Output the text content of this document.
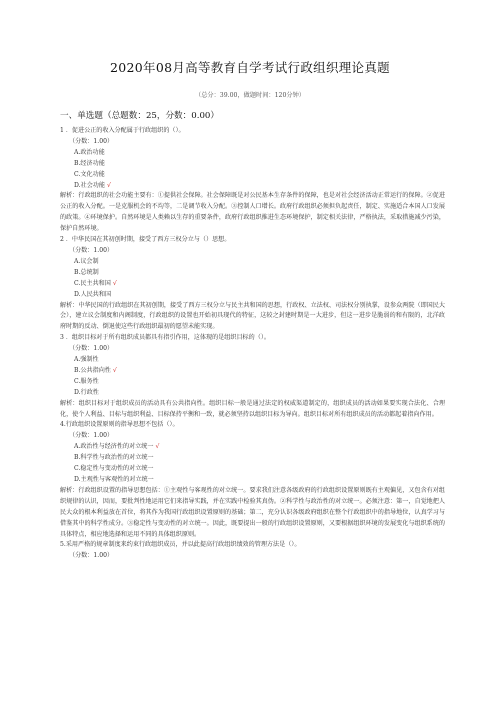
2020年08月高等教育自学考试行政组织理论真题
（总分：39.00，做题时间：120分钟）
一、单选题（总题数：25，分数：0.00）
1 ．促进公正的收入分配属于行政组织的（）。
（分数：1.00）
A.政治功能
B.经济功能
C.文化功能
D.社会功能 √
解析：行政组织的社会功能主要有：①提供社会保障。社会保障既是对公民基本生存条件的保障，也是对社会经济活动正常运行的保障。②促进公正的收入分配。一是克服机会的不均等，二是调节收入分配。③控制人口增长。政府行政组织必须担负起责任，制定、实施适合本国人口发展的政策。④环境保护。自然环境是人类赖以生存的重要条件，政府行政组织推进生态环境保护，制定相关法律，严格执法，采取措施减少污染，保护自然环境。
2 ．中华民国在其初创时期，接受了西方三权分立与（）思想。
（分数：1.00）
A.议会制
B.总统制
C.民主共和国 √
D.人民共和国
解析：中华民国的行政组织在其初创期，接受了西方三权分立与民主共和国的思想，行政权、立法权、司法权分别执掌，设参众两院（即国民大会），建立议会制度和内阁制度，行政组织的设置也开始初具现代的特征，这较之封建时期是一大进步，但这一进步是脆弱的和有限的，北洋政府时期的反动、倒退使这些行政组织最初的愿望未能实现。
3 ．组织目标对于所有组织成员都具有指引作用，这体现的是组织目标的（）。
（分数：1.00）
A.强制性
B.公共指向性 √
C.服务性
D.行政性
解析：组织目标对于组织成员的活动具有公共指向性。组织目标一般是通过法定的权威渠道制定的，组织成员的活动如果要实现合法化、合理化，使个人利益、目标与组织利益、目标保持平衡和一致，就必须坚持以组织目标为导向。组织目标对所有组织成员的活动都起着指向作用。
4.行政组织设置原则的指导思想不包括（）。
（分数：1.00）
A.政治性与经济性的对立统一 √
B.科学性与政治性的对立统一
C.稳定性与变动性的对立统一
D.主观性与客观性的对立统一
解析：行政组织设置的指导思想包括：①主观性与客观性的对立统一。要求我们注意各级政府的行政组织设置原则既有主观偏见，又包含有对组织规律的认识，因而，要批判性地运用它们来指导实践，并在实践中检验其真伪。②科学性与政治性的对立统一。必须注意：第一，自觉地把人民大众的根本利益放在首位，将其作为我国行政组织设置原则的基础；第二，充分认识各级政府组织在整个行政组织中的指导地位，认真学习与借鉴其中的科学性成分。③稳定性与变动性的对立统一。因此，既要提出一般的行政组织设置原则，又要根据组织环境的发展变化与组织系统的具体特点，相应地选择和运用不同的具体组织原则。
5.采用严格的规章制度来约束行政组织成员，并以此提高行政组织绩效的管理方法是（）。
（分数：1.00）
